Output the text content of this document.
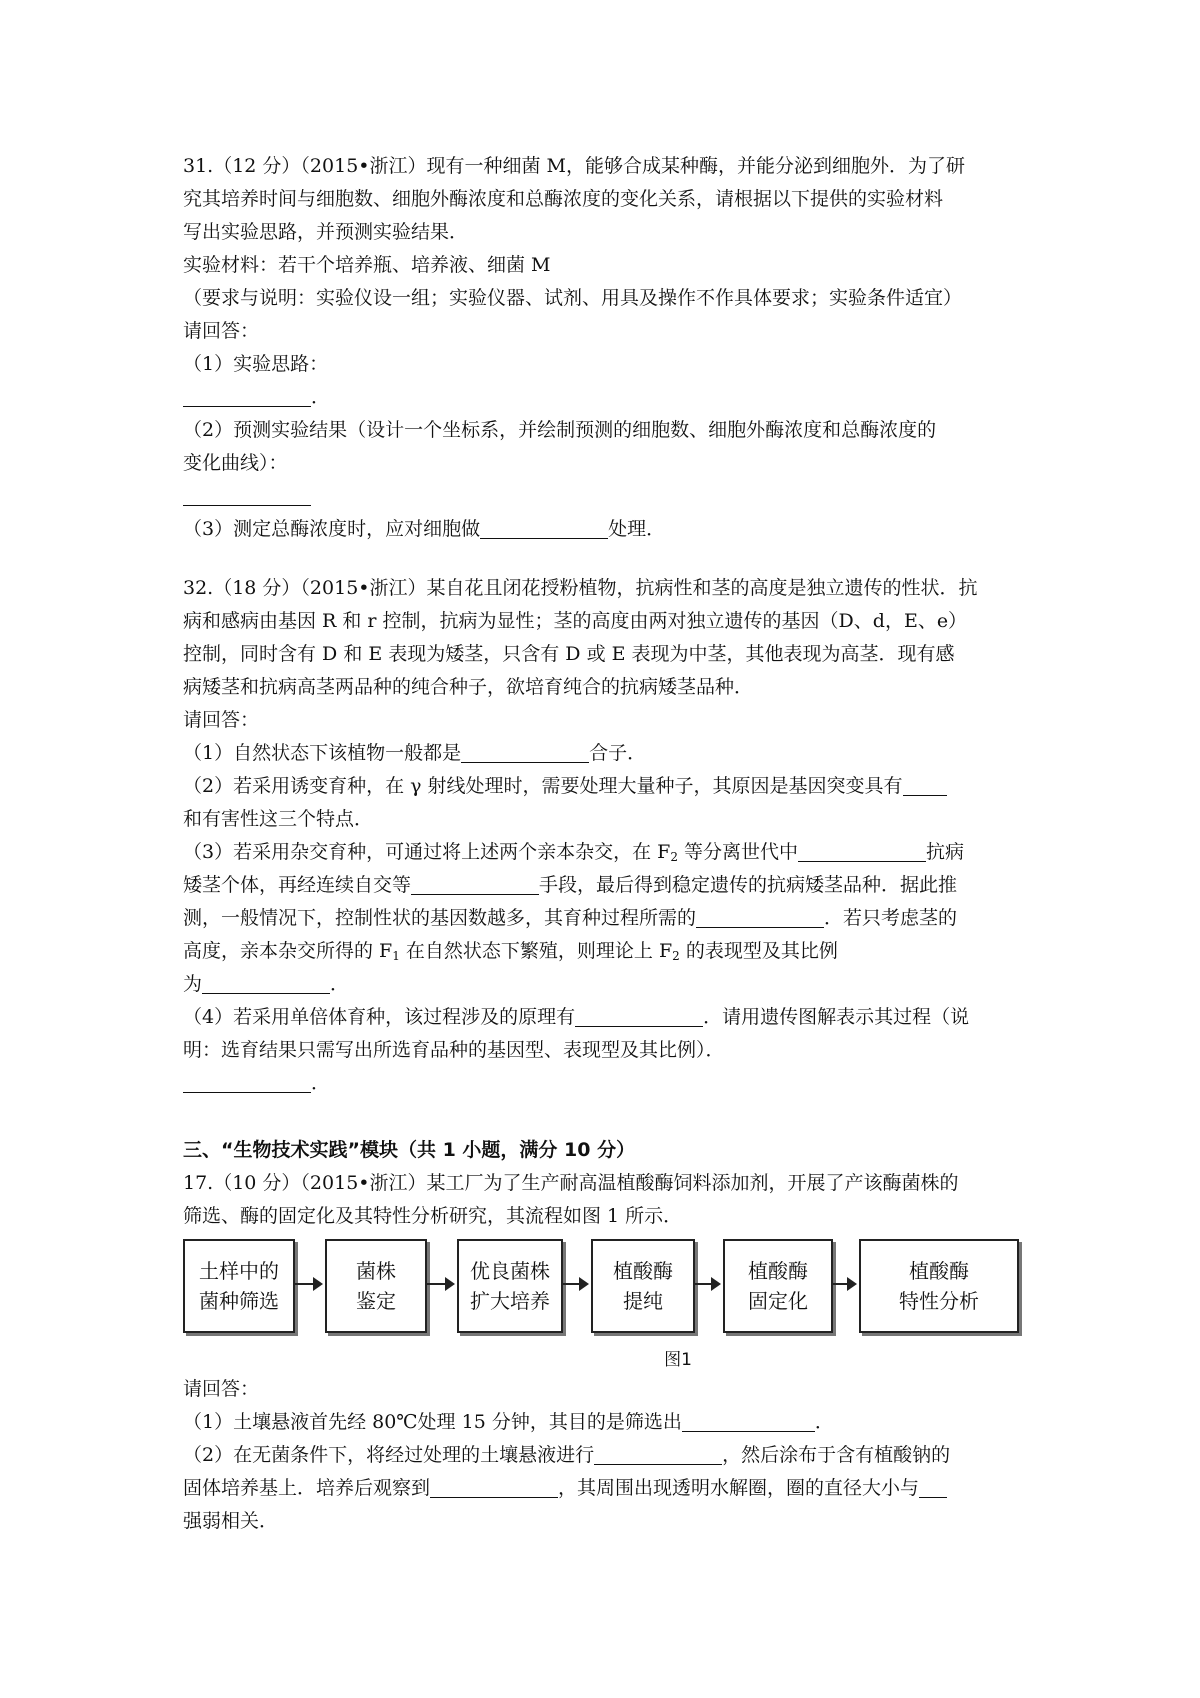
31.（12 分）（2015•浙江）现有一种细菌 M，能够合成某种酶，并能分泌到细胞外．为了研
究其培养时间与细胞数、细胞外酶浓度和总酶浓度的变化关系，请根据以下提供的实验材料
写出实验思路，并预测实验结果．
实验材料：若干个培养瓶、培养液、细菌 M
（要求与说明：实验仪设一组；实验仪器、试剂、用具及操作不作具体要求；实验条件适宜）
请回答：
（1）实验思路：
．
（2）预测实验结果（设计一个坐标系，并绘制预测的细胞数、细胞外酶浓度和总酶浓度的
变化曲线）：
（3）测定总酶浓度时，应对细胞做	处理．
32.（18 分）（2015•浙江）某自花且闭花授粉植物，抗病性和茎的高度是独立遗传的性状．抗
病和感病由基因 R 和 r 控制，抗病为显性；茎的高度由两对独立遗传的基因（D、d，E、e）
控制，同时含有 D 和 E 表现为矮茎，只含有 D 或 E 表现为中茎，其他表现为高茎．现有感
病矮茎和抗病高茎两品种的纯合种子，欲培育纯合的抗病矮茎品种．
请回答：
（1）自然状态下该植物一般都是	合子．
（2）若采用诱变育种，在 γ 射线处理时，需要处理大量种子，其原因是基因突变具有
和有害性这三个特点．
（3）若采用杂交育种，可通过将上述两个亲本杂交，在 $F_2$ 等分离世代中	抗病
矮茎个体，再经连续自交等	手段，最后得到稳定遗传的抗病矮茎品种．据此推
测，一般情况下，控制性状的基因数越多，其育种过程所需的	．若只考虑茎的
高度，亲本杂交所得的 $F_1$ 在自然状态下繁殖，则理论上 $F_2$ 的表现型及其比例
为	．
（4）若采用单倍体育种，该过程涉及的原理有	．请用遗传图解表示其过程（说
明：选育结果只需写出所选育品种的基因型、表现型及其比例）．
．
三、“生物技术实践”模块（共 1 小题，满分 10 分）
17.（10 分）（2015•浙江）某工厂为了生产耐高温植酸酶饲料添加剂，开展了产该酶菌株的
筛选、酶的固定化及其特性分析研究，其流程如图 1 所示．
土样中的
菌种筛选
菌株
鉴定
优良菌株
扩大培养
植酸酶
提纯
植酸酶
固定化
植酸酶
特性分析
图1
请回答：
（1）土壤悬液首先经 80℃处理 15 分钟，其目的是筛选出	．
（2）在无菌条件下，将经过处理的土壤悬液进行	，然后涂布于含有植酸钠的
固体培养基上．培养后观察到	，其周围出现透明水解圈，圈的直径大小与
强弱相关．
